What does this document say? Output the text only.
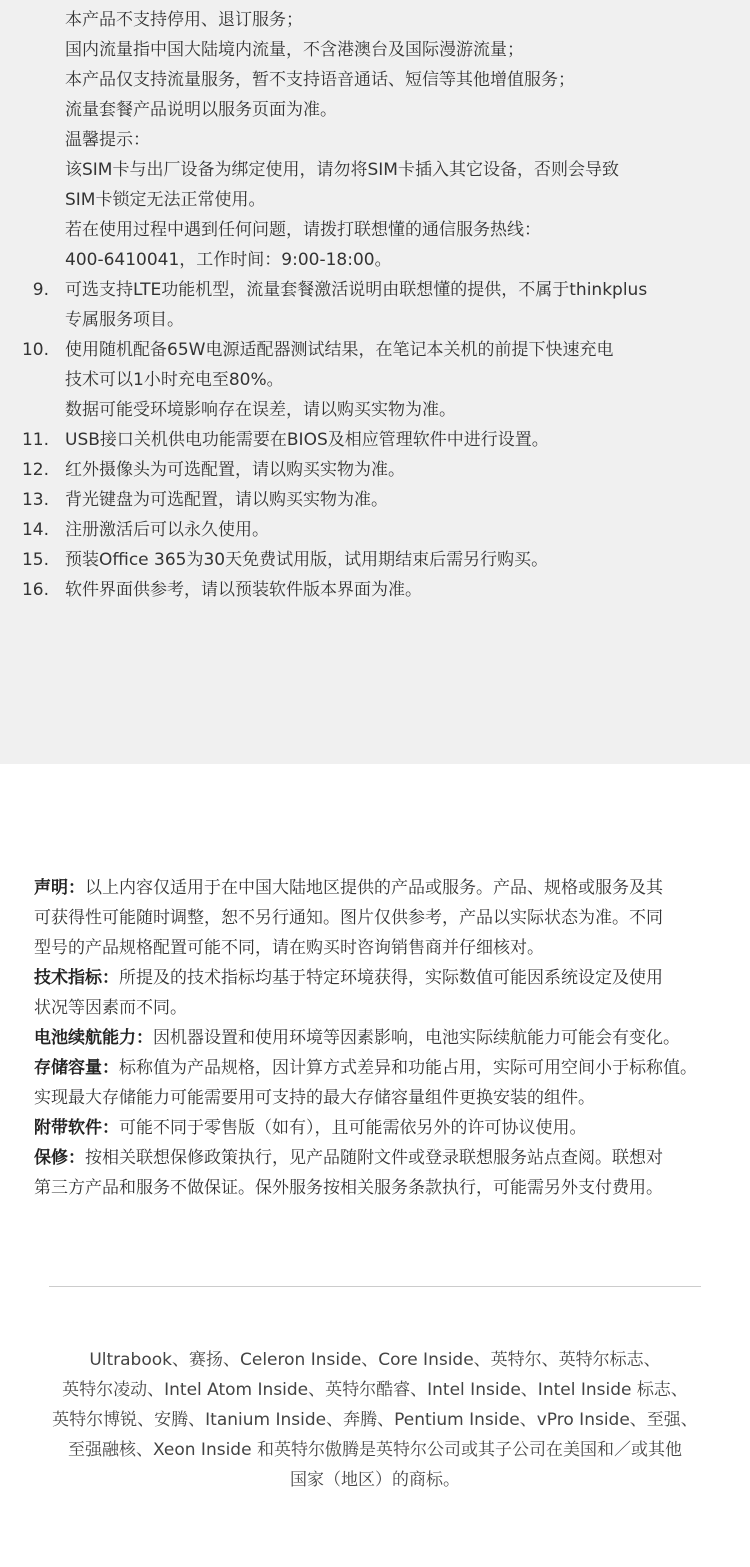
本产品不支持停用、退订服务；
国内流量指中国大陆境内流量，不含港澳台及国际漫游流量；
本产品仅支持流量服务，暂不支持语音通话、短信等其他增值服务；
流量套餐产品说明以服务页面为准。
温馨提示：
该SIM卡与出厂设备为绑定使用，请勿将SIM卡插入其它设备，否则会导致
SIM卡锁定无法正常使用。
若在使用过程中遇到任何问题，请拨打联想懂的通信服务热线：
400-6410041，工作时间：9:00-18:00。
9. 可选支持LTE功能机型，流量套餐激活说明由联想懂的提供，不属于thinkplus
专属服务项目。
10. 使用随机配备65W电源适配器测试结果，在笔记本关机的前提下快速充电
技术可以1小时充电至80%。
数据可能受环境影响存在误差，请以购买实物为准。
11. USB接口关机供电功能需要在BIOS及相应管理软件中进行设置。
12. 红外摄像头为可选配置，请以购买实物为准。
13. 背光键盘为可选配置，请以购买实物为准。
14. 注册激活后可以永久使用。
15. 预装Office 365为30天免费试用版，试用期结束后需另行购买。
16. 软件界面供参考，请以预装软件版本界面为准。
声明：以上内容仅适用于在中国大陆地区提供的产品或服务。产品、规格或服务及其
可获得性可能随时调整，恕不另行通知。图片仅供参考，产品以实际状态为准。不同
型号的产品规格配置可能不同，请在购买时咨询销售商并仔细核对。
技术指标：所提及的技术指标均基于特定环境获得，实际数值可能因系统设定及使用
状况等因素而不同。
电池续航能力：因机器设置和使用环境等因素影响，电池实际续航能力可能会有变化。
存储容量：标称值为产品规格，因计算方式差异和功能占用，实际可用空间小于标称值。
实现最大存储能力可能需要用可支持的最大存储容量组件更换安装的组件。
附带软件：可能不同于零售版（如有），且可能需依另外的许可协议使用。
保修：按相关联想保修政策执行，见产品随附文件或登录联想服务站点查阅。联想对
第三方产品和服务不做保证。保外服务按相关服务条款执行，可能需另外支付费用。
Ultrabook、赛扬、Celeron Inside、Core Inside、英特尔、英特尔标志、
英特尔凌动、Intel Atom Inside、英特尔酷睿、Intel Inside、Intel Inside 标志、
英特尔博锐、安腾、Itanium Inside、奔腾、Pentium Inside、vPro Inside、至强、
至强融核、Xeon Inside 和英特尔傲腾是英特尔公司或其子公司在美国和／或其他
国家（地区）的商标。
